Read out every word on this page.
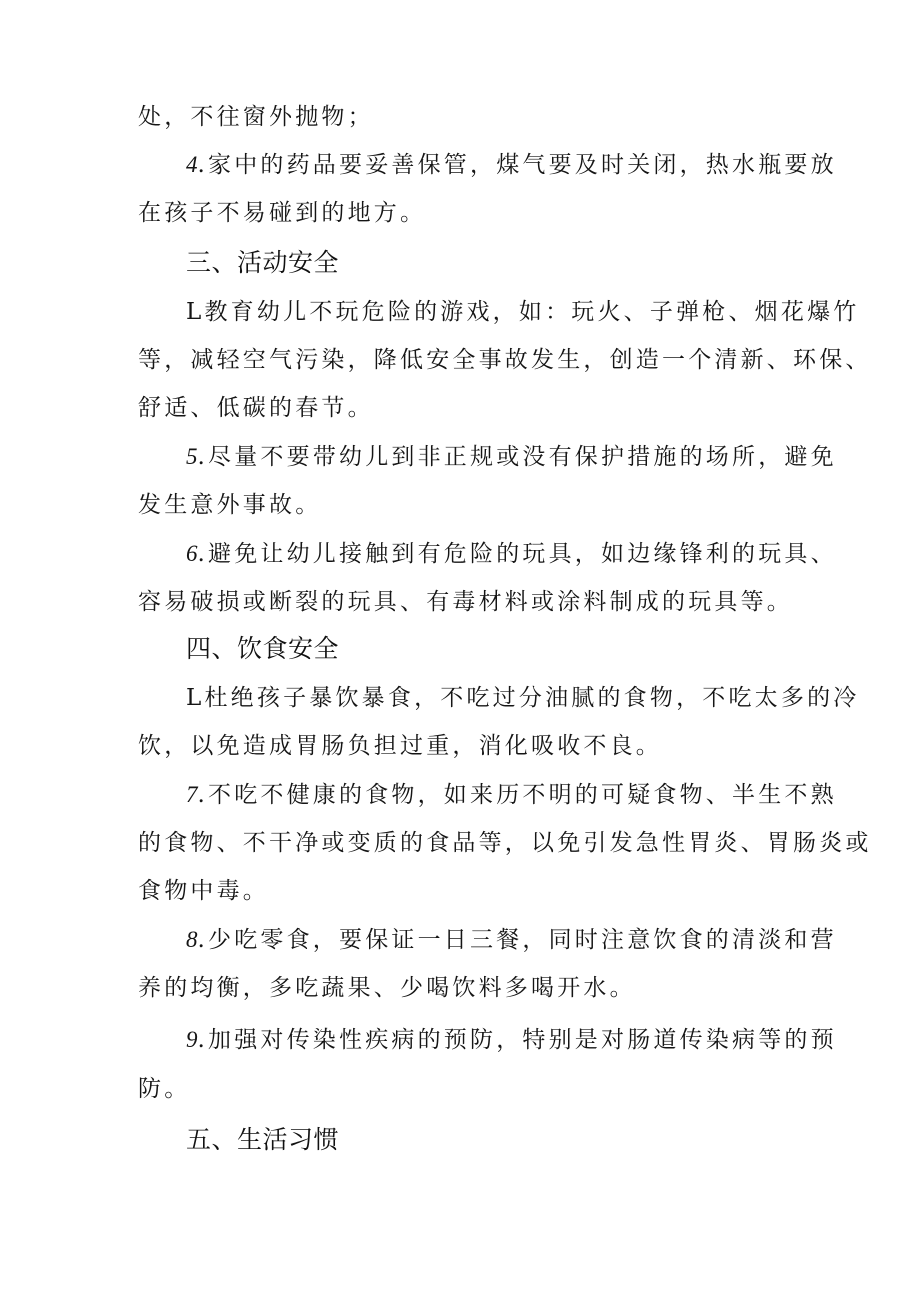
处，不往窗外抛物；
4.家中的药品要妥善保管，煤气要及时关闭，热水瓶要放
在孩子不易碰到的地方。
三、活动安全
L教育幼儿不玩危险的游戏，如：玩火、子弹枪、烟花爆竹
等，减轻空气污染，降低安全事故发生，创造一个清新、环保、
舒适、低碳的春节。
5.尽量不要带幼儿到非正规或没有保护措施的场所，避免
发生意外事故。
6.避免让幼儿接触到有危险的玩具，如边缘锋利的玩具、
容易破损或断裂的玩具、有毒材料或涂料制成的玩具等。
四、饮食安全
L杜绝孩子暴饮暴食，不吃过分油腻的食物，不吃太多的冷
饮，以免造成胃肠负担过重，消化吸收不良。
7.不吃不健康的食物，如来历不明的可疑食物、半生不熟
的食物、不干净或变质的食品等，以免引发急性胃炎、胃肠炎或
食物中毒。
8.少吃零食，要保证一日三餐，同时注意饮食的清淡和营
养的均衡，多吃蔬果、少喝饮料多喝开水。
9.加强对传染性疾病的预防，特别是对肠道传染病等的预
防。
五、生活习惯
